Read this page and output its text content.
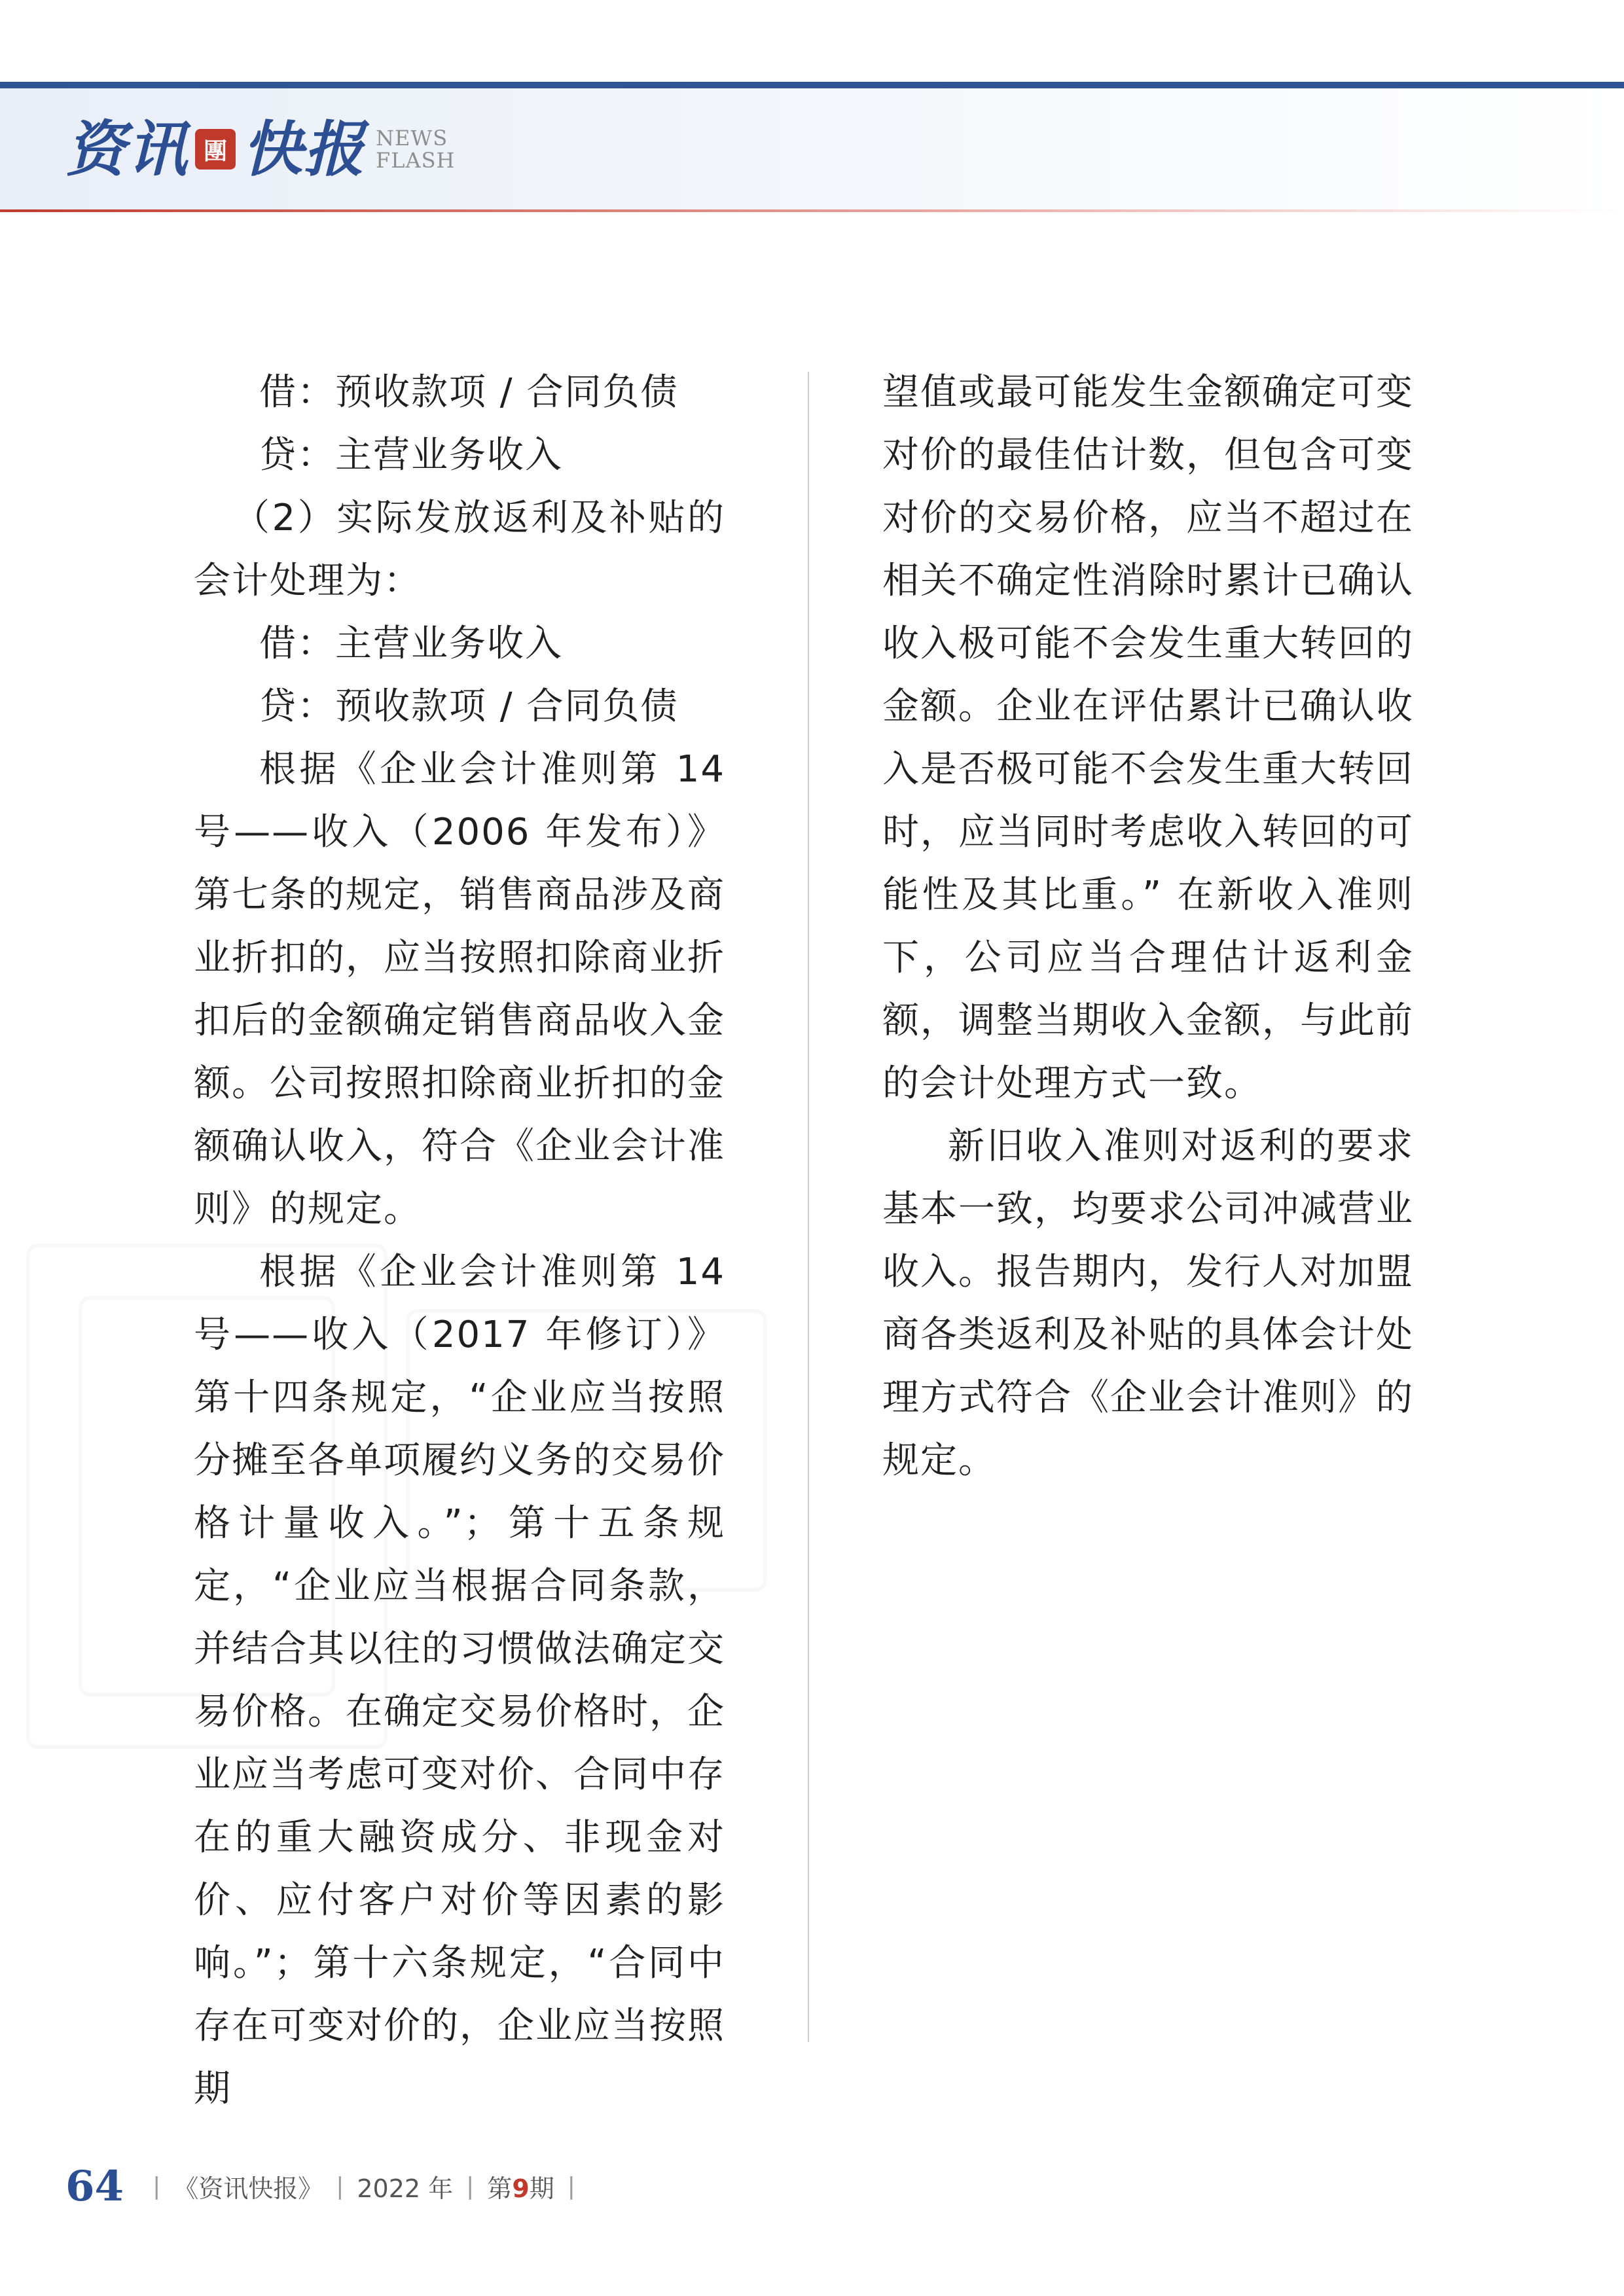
资讯 團 快报 NEWS
FLASH

借：预收款项 / 合同负债

贷：主营业务收入

（2）实际发放返利及补贴的会计处理为：

借：主营业务收入

贷：预收款项 / 合同负债

根据《企业会计准则第 14 号——收入（2006 年发布）》第七条的规定，销售商品涉及商业折扣的，应当按照扣除商业折扣后的金额确定销售商品收入金额。公司按照扣除商业折扣的金额确认收入，符合《企业会计准则》的规定。

根据《企业会计准则第 14 号——收入（2017 年修订）》第十四条规定，“企业应当按照分摊至各单项履约义务的交易价格计量收入。”；第十五条规定，“企业应当根据合同条款，并结合其以往的习惯做法确定交易价格。在确定交易价格时，企业应当考虑可变对价、合同中存在的重大融资成分、非现金对价、应付客户对价等因素的影响。”；第十六条规定，“合同中存在可变对价的，企业应当按照期

望值或最可能发生金额确定可变对价的最佳估计数，但包含可变对价的交易价格，应当不超过在相关不确定性消除时累计已确认收入极可能不会发生重大转回的金额。企业在评估累计已确认收入是否极可能不会发生重大转回时，应当同时考虑收入转回的可能性及其比重。” 在新收入准则下，公司应当合理估计返利金额，调整当期收入金额，与此前的会计处理方式一致。

新旧收入准则对返利的要求基本一致，均要求公司冲减营业收入。报告期内，发行人对加盟商各类返利及补贴的具体会计处理方式符合《企业会计准则》的规定。

64 | 《资讯快报》 | 2022 年 | 第9期 |
